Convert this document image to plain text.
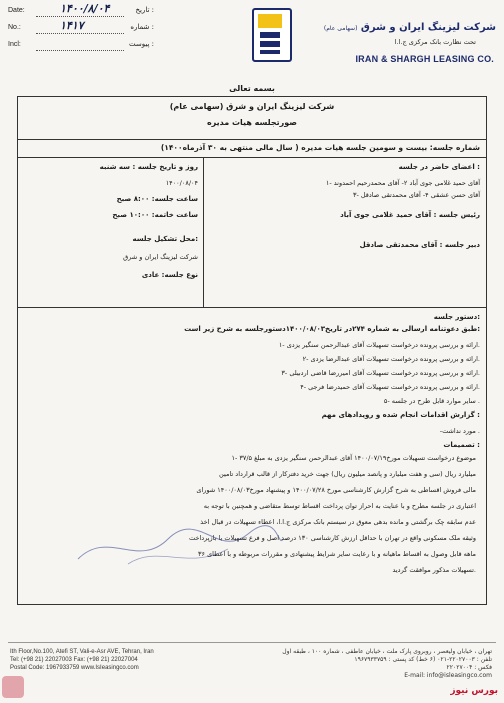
Date:	۱۴۰۰/۸/۰۴	تاریخ :
No.:	۱۴۱۷	شماره :
Incl:	پیوست :
(سهامی عام) شرکت لیزینگ ایران و شرق
تحت نظارت بانک مرکزی ج.ا.ا
IRAN & SHARGH LEASING CO.
بسمه تعالی
شرکت لیزینگ ایران و شرق (سهامی عام)
صورتجلسه هیات مدیره
شماره جلسه: بیست و سومین جلسه هیات مدیره ( سال مالی منتهی به ۳۰ آذرماه۱۴۰۰)
اعضای حاضر در جلسه :
۱- آقای حمید غلامی جوی آباد ۲- آقای محمدرحیم احمدوند
۳- آقای حسن عشقی ۴- آقای محمدتقی صادقل
رئیس جلسه : آقای حمید غلامی جوی آباد
دبیر جلسه : آقای محمدتقی صادقل
روز و تاریخ جلسه : سه شنبه
۱۴۰۰/۰۸/۰۴
ساعت جلسه: ۸:۰۰ صبح
ساعت خاتمه: ۱۰:۰۰ صبح
محل تشکیل جلسه:
شرکت لیزینگ ایران و شرق
نوع جلسه: عادی
دستور جلسه:
طبق دعوتنامه ارسالی به شماره ۲۷۴در تاریخ۱۴۰۰/۰۸/۰۳دستورجلسه به شرح زیر است:
۱- ارائه و بررسی پرونده درخواست تسهیلات آقای عبدالرحمن سنگیر یزدی.
۲- ارائه و بررسی پرونده درخواست تسهیلات آقای عبدالرضا یزدی.
۳- ارائه و بررسی پرونده درخواست تسهیلات آقای امیررضا قاضی اردبیلی.
۴- ارائه و بررسی پرونده درخواست تسهیلات آقای حمیدرضا فرجی.
۵- سایر موارد قابل طرح در جلسه .
گزارش اقدامات انجام شده و رویدادهای مهم :
-مورد نداشت .
تصمیمات :
۱- موضوع درخواست تسهیلات مورخ۱۴۰۰/۰۷/۱۹ آقای عبدالرحمن سنگیر یزدی به مبلغ ۳۷/۵
میلیارد ریال (سی و هفت میلیارد و پانصد میلیون ریال) جهت خرید دفترکار از قالب قرارداد تامین
مالی فروش اقساطی به شرح گزارش کارشناسی مورخ ۱۴۰۰/۰۷/۲۸ و پیشنهاد مورخ۱۴۰۰/۰۸/۰۳ شورای
اعتباری در جلسه مطرح و با عنایت به احراز توان پرداخت اقساط توسط متقاضی و همچنین با توجه به
عدم سابقه چک برگشتی و مانده بدهی معوق در سیستم بانک مرکزی ج.ا.ا، اعطاء تسهیلات در قبال اخذ
وثیقه ملک مسکونی واقع در تهران با حداقل ارزش کارشناسی ۱۳۰ درصد اصل و فرع تسهیلات با بازپرداخت
۳۶ ماهه قابل وصول به اقساط ماهیانه و با رعایت سایر شرایط پیشنهادی و مقررات مربوطه و با اعطای
تسهیلات مذکور موافقت گردید.
Ith Floor,No.100, Atefi ST, Vali-e-Asr AVE, Tehran, Iran
Tel: (+98 21) 22027003 Fax: (+98 21) 22027004
Postal Code: 1967933759 www.IsIeasingco.com
تهران ، خیابان ولیعصر ، روبروی پارک ملت ، خیابان عاطفی ، شماره ۱۰۰ ، طبقه اول
تلفن : ۲۲۰۲۷۰۰۳-۰۲۱ (۶ خط) کد پستی : ۱۹۶۷۹۳۳۷۵۹
فکس : ۲۲۰۲۷۰۰۴
E-mail: info@isleasingco.com
بورس نیوز
